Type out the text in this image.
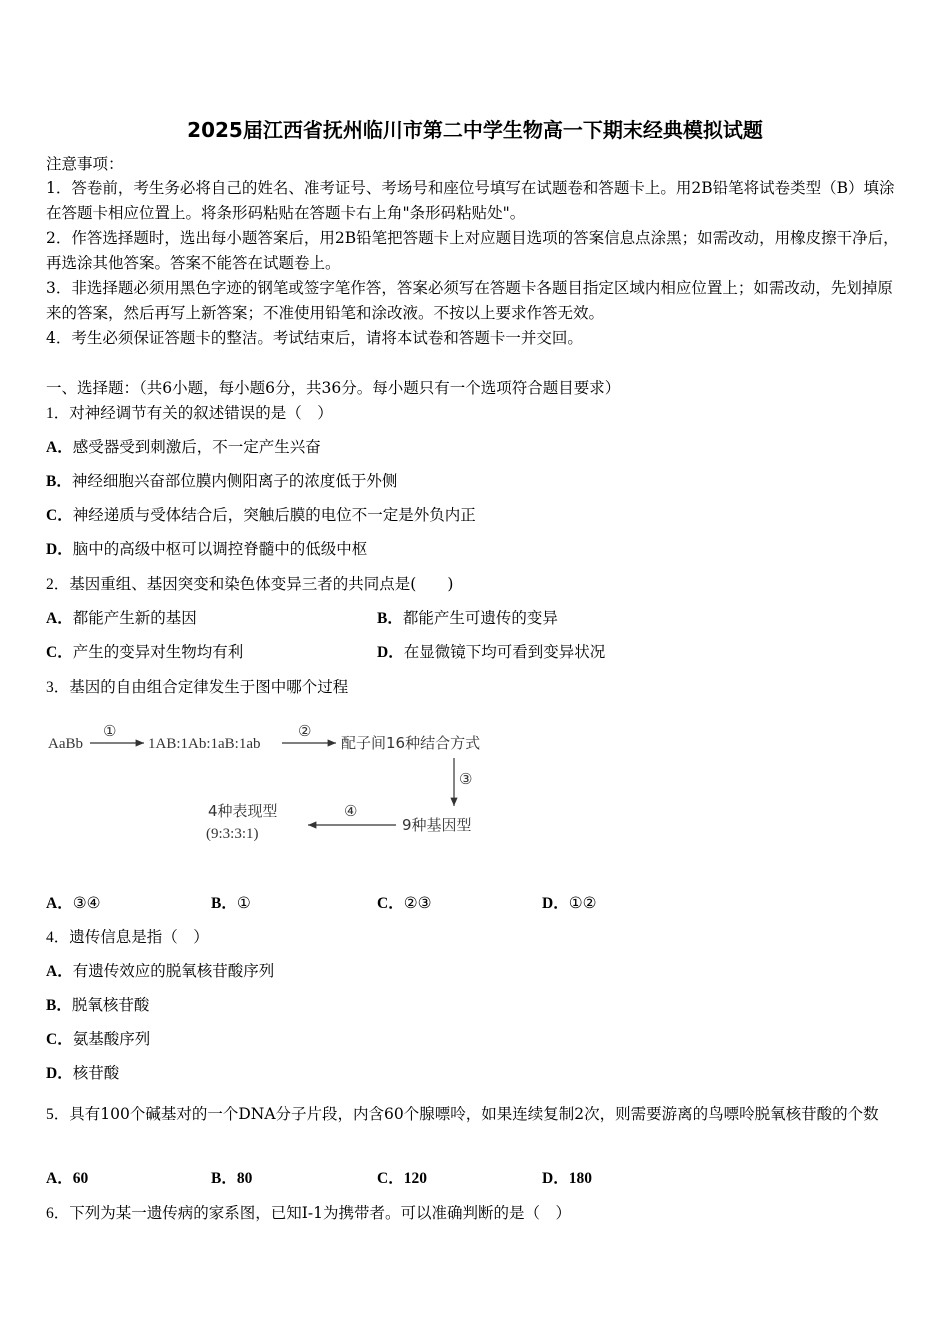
2025届江西省抚州临川市第二中学生物高一下期末经典模拟试题
注意事项：
1．答卷前，考生务必将自己的姓名、准考证号、考场号和座位号填写在试题卷和答题卡上。用2B铅笔将试卷类型（B）填涂在答题卡相应位置上。将条形码粘贴在答题卡右上角"条形码粘贴处"。
2．作答选择题时，选出每小题答案后，用2B铅笔把答题卡上对应题目选项的答案信息点涂黑；如需改动，用橡皮擦干净后，再选涂其他答案。答案不能答在试题卷上。
3．非选择题必须用黑色字迹的钢笔或签字笔作答，答案必须写在答题卡各题目指定区域内相应位置上；如需改动，先划掉原来的答案，然后再写上新答案；不准使用铅笔和涂改液。不按以上要求作答无效。
4．考生必须保证答题卡的整洁。考试结束后，请将本试卷和答题卡一并交回。
一、选择题：（共6小题，每小题6分，共36分。每小题只有一个选项符合题目要求）
1．对神经调节有关的叙述错误的是（　）
A．感受器受到刺激后，不一定产生兴奋
B．神经细胞兴奋部位膜内侧阳离子的浓度低于外侧
C．神经递质与受体结合后，突触后膜的电位不一定是外负内正
D．脑中的高级中枢可以调控脊髓中的低级中枢
2．基因重组、基因突变和染色体变异三者的共同点是(　　)
A．都能产生新的基因	B．都能产生可遗传的变异
C．产生的变异对生物均有利	D．在显微镜下均可看到变异状况
3．基因的自由组合定律发生于图中哪个过程
AaBb
①
1AB:1Ab:1aB:1ab
②
配子间16种结合方式
③
9种基因型
④
4种表现型
(9:3:3:1)
A．③④	B．①	C．②③	D．①②
4．遗传信息是指（　）
A．有遗传效应的脱氧核苷酸序列
B．脱氧核苷酸
C．氨基酸序列
D．核苷酸
5．具有100个碱基对的一个DNA分子片段，内含60个腺嘌呤，如果连续复制2次，则需要游离的鸟嘌呤脱氧核苷酸的个数
A．60	B．80	C．120	D．180
6．下列为某一遗传病的家系图，已知I-1为携带者。可以准确判断的是（　）
